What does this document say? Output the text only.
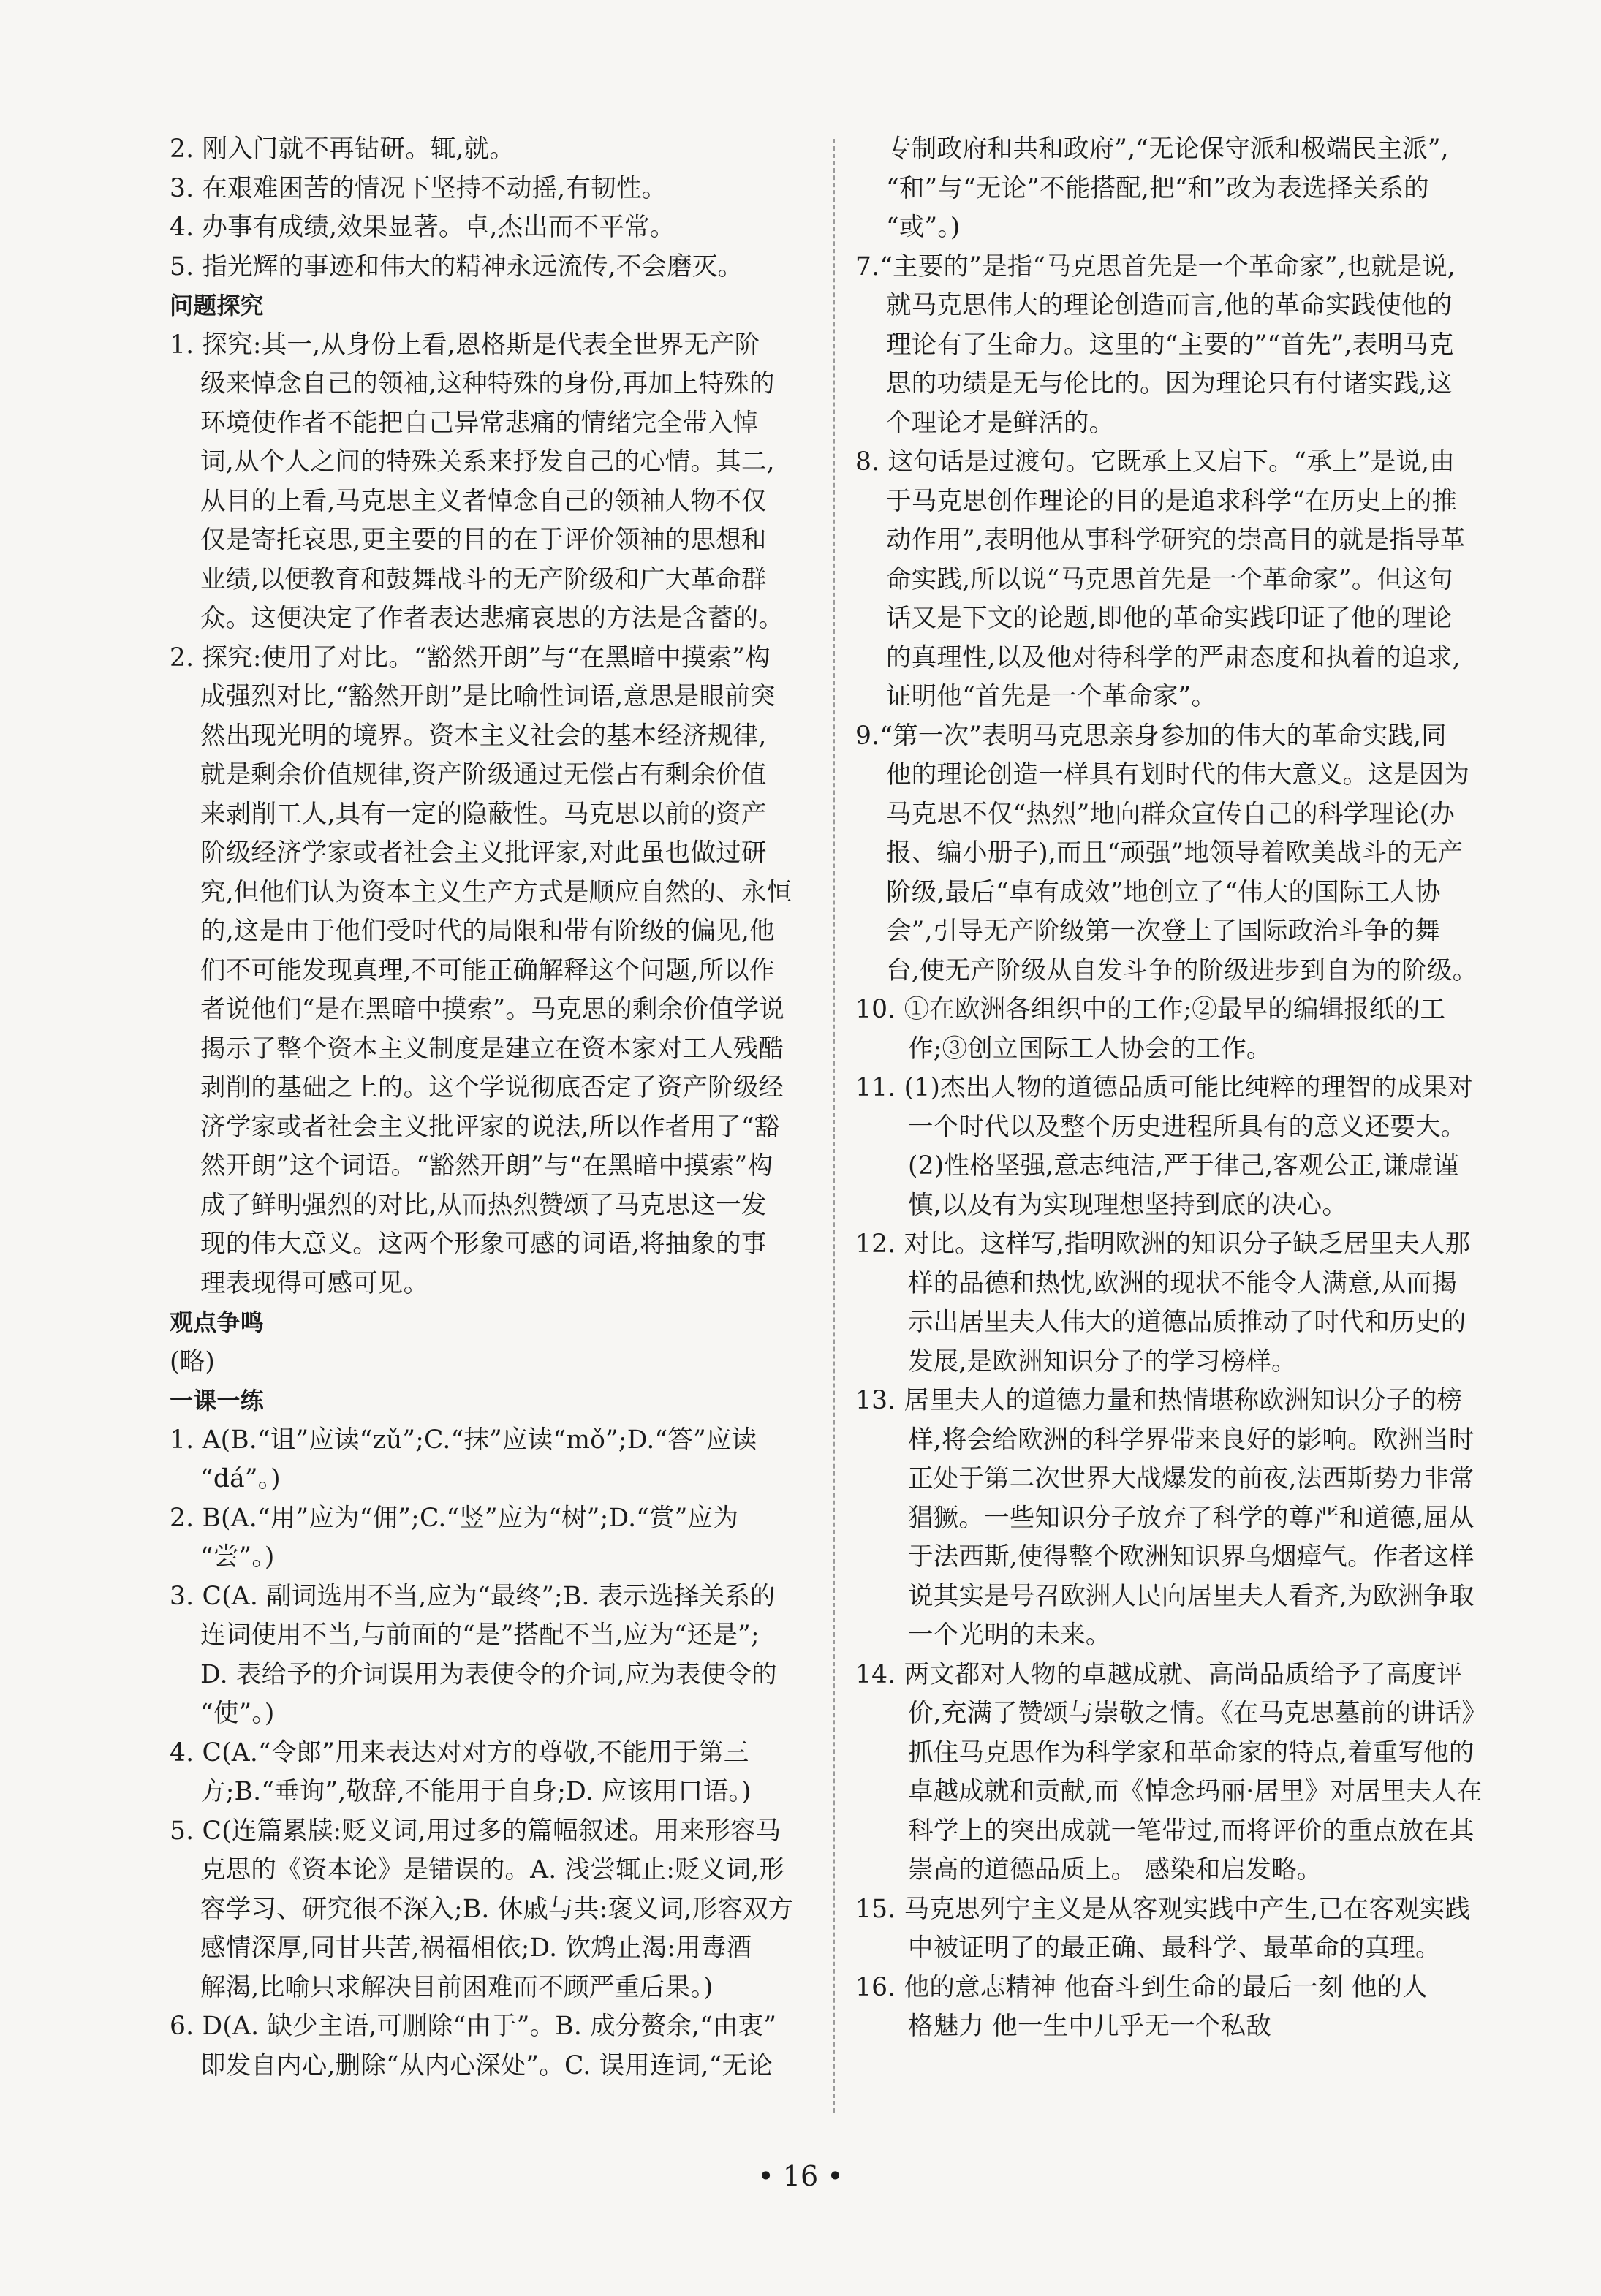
2. 刚入门就不再钻研。辄,就。
3. 在艰难困苦的情况下坚持不动摇,有韧性。
4. 办事有成绩,效果显著。卓,杰出而不平常。
5. 指光辉的事迹和伟大的精神永远流传,不会磨灭。
问题探究
1. 探究:其一,从身份上看,恩格斯是代表全世界无产阶
级来悼念自己的领袖,这种特殊的身份,再加上特殊的
环境使作者不能把自己异常悲痛的情绪完全带入悼
词,从个人之间的特殊关系来抒发自己的心情。其二,
从目的上看,马克思主义者悼念自己的领袖人物不仅
仅是寄托哀思,更主要的目的在于评价领袖的思想和
业绩,以便教育和鼓舞战斗的无产阶级和广大革命群
众。这便决定了作者表达悲痛哀思的方法是含蓄的。
2. 探究:使用了对比。“豁然开朗”与“在黑暗中摸索”构
成强烈对比,“豁然开朗”是比喻性词语,意思是眼前突
然出现光明的境界。资本主义社会的基本经济规律,
就是剩余价值规律,资产阶级通过无偿占有剩余价值
来剥削工人,具有一定的隐蔽性。马克思以前的资产
阶级经济学家或者社会主义批评家,对此虽也做过研
究,但他们认为资本主义生产方式是顺应自然的、永恒
的,这是由于他们受时代的局限和带有阶级的偏见,他
们不可能发现真理,不可能正确解释这个问题,所以作
者说他们“是在黑暗中摸索”。马克思的剩余价值学说
揭示了整个资本主义制度是建立在资本家对工人残酷
剥削的基础之上的。这个学说彻底否定了资产阶级经
济学家或者社会主义批评家的说法,所以作者用了“豁
然开朗”这个词语。“豁然开朗”与“在黑暗中摸索”构
成了鲜明强烈的对比,从而热烈赞颂了马克思这一发
现的伟大意义。这两个形象可感的词语,将抽象的事
理表现得可感可见。
观点争鸣
(略)
一课一练
1. A(B.“诅”应读“zǔ”;C.“抹”应读“mǒ”;D.“答”应读
“dá”。)
2. B(A.“用”应为“佣”;C.“竖”应为“树”;D.“赏”应为
“尝”。)
3. C(A. 副词选用不当,应为“最终”;B. 表示选择关系的
连词使用不当,与前面的“是”搭配不当,应为“还是”;
D. 表给予的介词误用为表使令的介词,应为表使令的
“使”。)
4. C(A.“令郎”用来表达对对方的尊敬,不能用于第三
方;B.“垂询”,敬辞,不能用于自身;D. 应该用口语。)
5. C(连篇累牍:贬义词,用过多的篇幅叙述。用来形容马
克思的《资本论》是错误的。A. 浅尝辄止:贬义词,形
容学习、研究很不深入;B. 休戚与共:褒义词,形容双方
感情深厚,同甘共苦,祸福相依;D. 饮鸩止渴:用毒酒
解渴,比喻只求解决目前困难而不顾严重后果。)
6. D(A. 缺少主语,可删除“由于”。B. 成分赘余,“由衷”
即发自内心,删除“从内心深处”。C. 误用连词,“无论
专制政府和共和政府”,“无论保守派和极端民主派”,
“和”与“无论”不能搭配,把“和”改为表选择关系的
“或”。)
7.“主要的”是指“马克思首先是一个革命家”,也就是说,
就马克思伟大的理论创造而言,他的革命实践使他的
理论有了生命力。这里的“主要的”“首先”,表明马克
思的功绩是无与伦比的。因为理论只有付诸实践,这
个理论才是鲜活的。
8. 这句话是过渡句。它既承上又启下。“承上”是说,由
于马克思创作理论的目的是追求科学“在历史上的推
动作用”,表明他从事科学研究的崇高目的就是指导革
命实践,所以说“马克思首先是一个革命家”。但这句
话又是下文的论题,即他的革命实践印证了他的理论
的真理性,以及他对待科学的严肃态度和执着的追求,
证明他“首先是一个革命家”。
9.“第一次”表明马克思亲身参加的伟大的革命实践,同
他的理论创造一样具有划时代的伟大意义。这是因为
马克思不仅“热烈”地向群众宣传自己的科学理论(办
报、编小册子),而且“顽强”地领导着欧美战斗的无产
阶级,最后“卓有成效”地创立了“伟大的国际工人协
会”,引导无产阶级第一次登上了国际政治斗争的舞
台,使无产阶级从自发斗争的阶级进步到自为的阶级。
10. ①在欧洲各组织中的工作;②最早的编辑报纸的工
作;③创立国际工人协会的工作。
11. (1)杰出人物的道德品质可能比纯粹的理智的成果对
一个时代以及整个历史进程所具有的意义还要大。
(2)性格坚强,意志纯洁,严于律己,客观公正,谦虚谨
慎,以及有为实现理想坚持到底的决心。
12. 对比。这样写,指明欧洲的知识分子缺乏居里夫人那
样的品德和热忱,欧洲的现状不能令人满意,从而揭
示出居里夫人伟大的道德品质推动了时代和历史的
发展,是欧洲知识分子的学习榜样。
13. 居里夫人的道德力量和热情堪称欧洲知识分子的榜
样,将会给欧洲的科学界带来良好的影响。欧洲当时
正处于第二次世界大战爆发的前夜,法西斯势力非常
猖獗。一些知识分子放弃了科学的尊严和道德,屈从
于法西斯,使得整个欧洲知识界乌烟瘴气。作者这样
说其实是号召欧洲人民向居里夫人看齐,为欧洲争取
一个光明的未来。
14. 两文都对人物的卓越成就、高尚品质给予了高度评
价,充满了赞颂与崇敬之情。《在马克思墓前的讲话》
抓住马克思作为科学家和革命家的特点,着重写他的
卓越成就和贡献,而《悼念玛丽·居里》对居里夫人在
科学上的突出成就一笔带过,而将评价的重点放在其
崇高的道德品质上。 感染和启发略。
15. 马克思列宁主义是从客观实践中产生,已在客观实践
中被证明了的最正确、最科学、最革命的真理。
16. 他的意志精神 他奋斗到生命的最后一刻 他的人
格魅力 他一生中几乎无一个私敌
• 16 •
